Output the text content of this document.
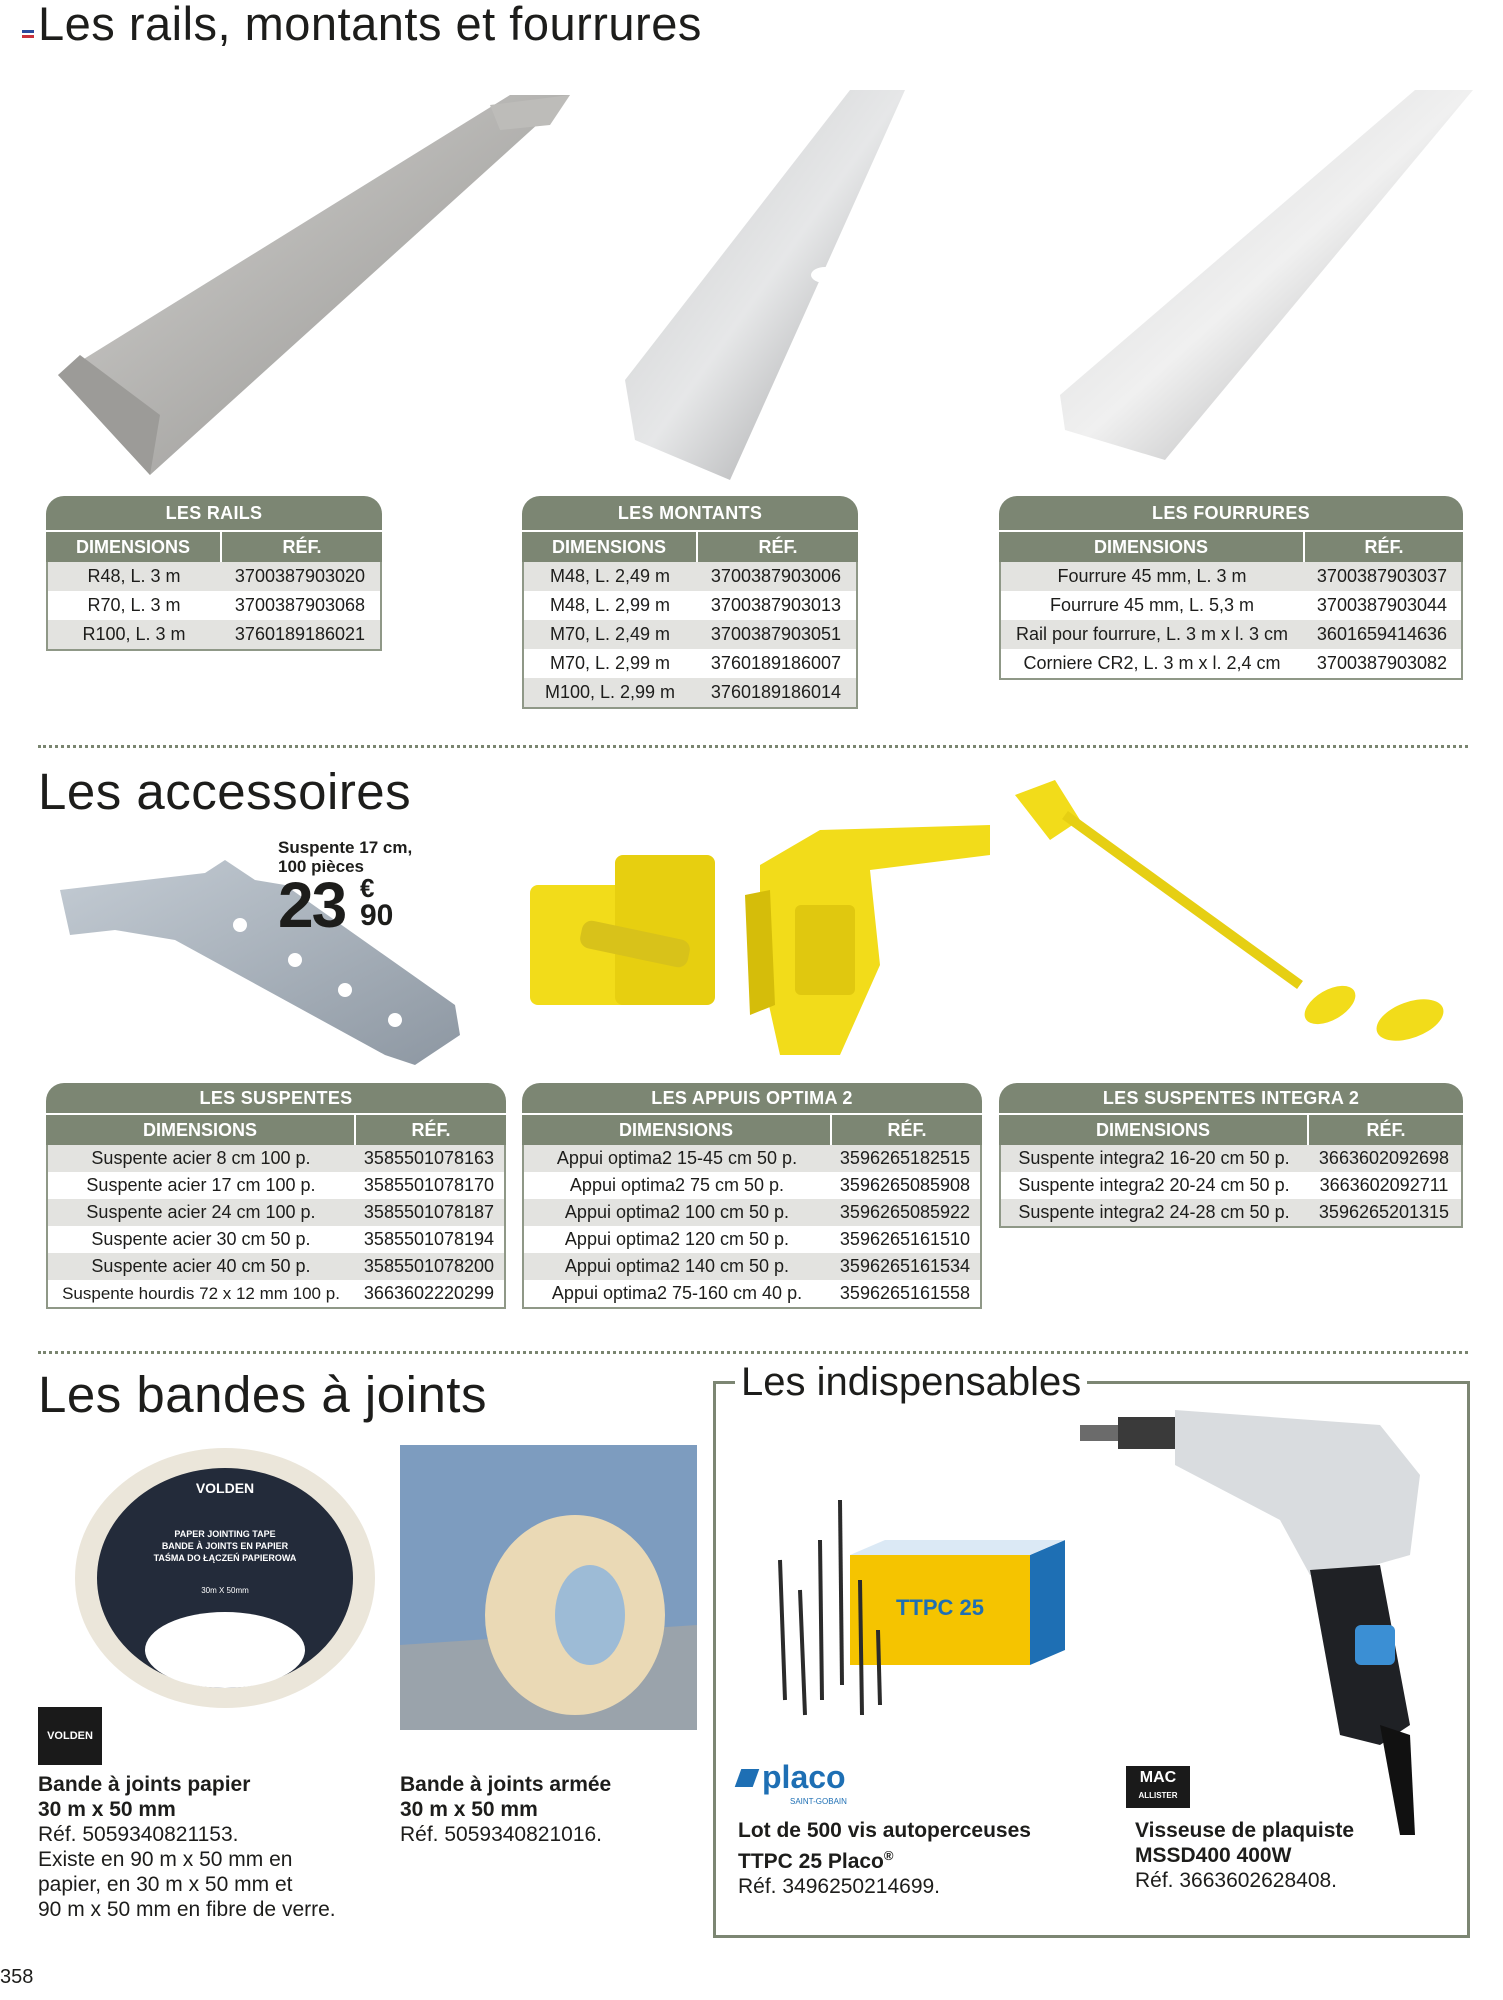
Les rails, montants et fourrures
LES RAILS
DIMENSIONS	RÉF.
R48, L. 3 m	3700387903020
R70, L. 3 m	3700387903068
R100, L. 3 m	3760189186021
LES MONTANTS
DIMENSIONS	RÉF.
M48, L. 2,49 m	3700387903006
M48, L. 2,99 m	3700387903013
M70, L. 2,49 m	3700387903051
M70, L. 2,99 m	3760189186007
M100, L. 2,99 m	3760189186014
LES FOURRURES
DIMENSIONS	RÉF.
Fourrure 45 mm, L. 3 m	3700387903037
Fourrure 45 mm, L. 5,3 m	3700387903044
Rail pour fourrure, L. 3 m x l. 3 cm	3601659414636
Corniere CR2, L. 3 m x l. 2,4 cm	3700387903082
Les accessoires
Suspente 17 cm,
100 pièces
23 €
90
LES SUSPENTES
DIMENSIONS	RÉF.
Suspente acier 8 cm 100 p.	3585501078163
Suspente acier 17 cm 100 p.	3585501078170
Suspente acier 24 cm 100 p.	3585501078187
Suspente acier 30 cm 50 p.	3585501078194
Suspente acier 40 cm 50 p.	3585501078200
Suspente hourdis 72 x 12 mm 100 p.	3663602220299
LES APPUIS OPTIMA 2
DIMENSIONS	RÉF.
Appui optima2 15-45 cm 50 p.	3596265182515
Appui optima2 75 cm 50 p.	3596265085908
Appui optima2 100 cm 50 p.	3596265085922
Appui optima2 120 cm 50 p.	3596265161510
Appui optima2 140 cm 50 p.	3596265161534
Appui optima2 75-160 cm 40 p.	3596265161558
LES SUSPENTES INTEGRA 2
DIMENSIONS	RÉF.
Suspente integra2 16-20 cm 50 p.	3663602092698
Suspente integra2 20-24 cm 50 p.	3663602092711
Suspente integra2 24-28 cm 50 p.	3596265201315
Les bandes à joints
VOLDEN
PAPER JOINTING TAPE
BANDE À JOINTS EN PAPIER
TAŚMA DO ŁĄCZEŃ PAPIEROWA
30m X 50mm
VOLDEN
Bande à joints papier
30 m x 50 mm
Réf. 5059340821153.
Existe en 90 m x 50 mm en
papier, en 30 m x 50 mm et
90 m x 50 mm en fibre de verre.
Bande à joints armée
30 m x 50 mm
Réf. 5059340821016.
Les indispensables
TTPC 25
placo
SAINT-GOBAIN
MAC
ALLISTER
Lot de 500 vis autoperceuses
TTPC 25 Placo®
Réf. 3496250214699.
Visseuse de plaquiste
MSSD400 400W
Réf. 3663602628408.
358
